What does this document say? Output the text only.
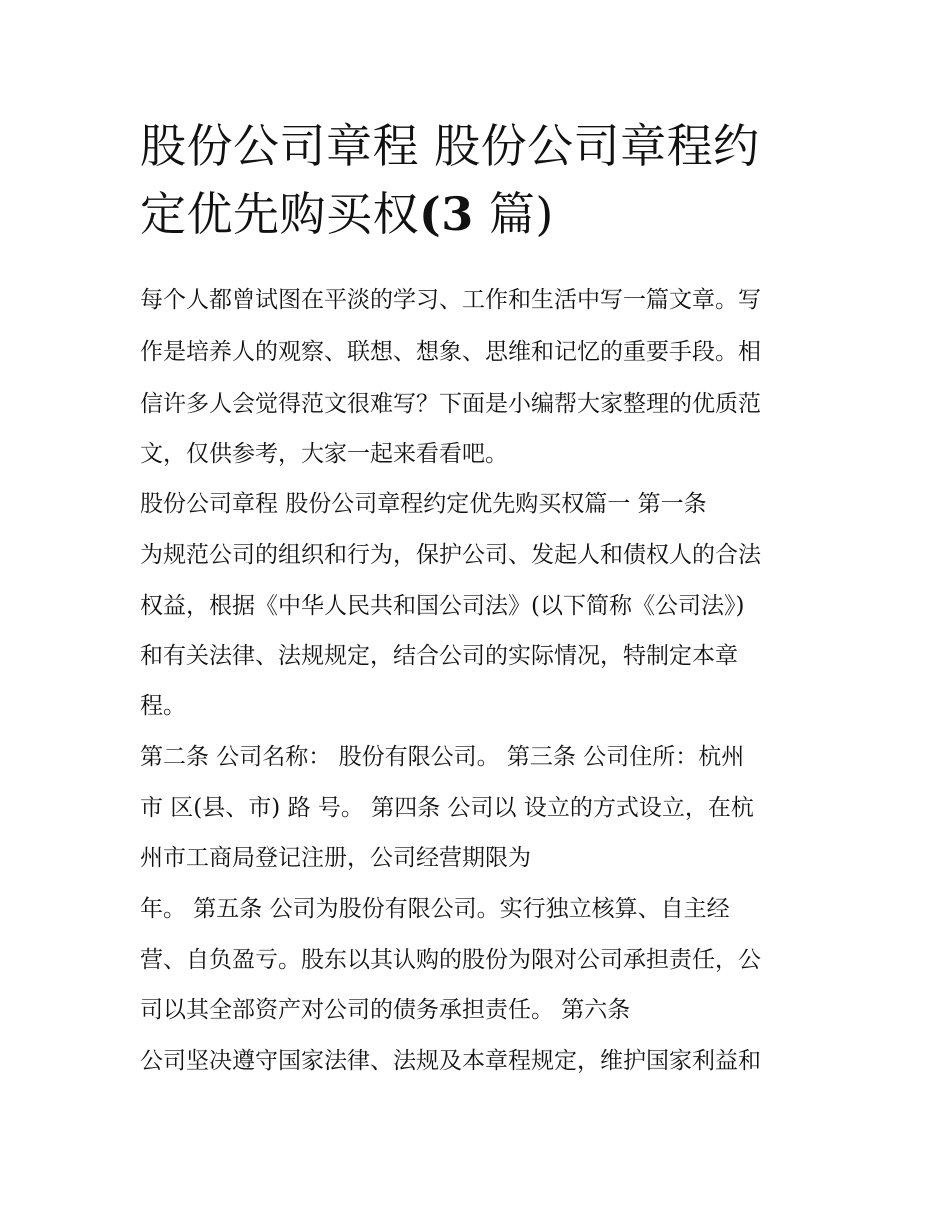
股份公司章程 股份公司章程约
定优先购买权(3 篇)

每个人都曾试图在平淡的学习、工作和生活中写一篇文章。写

作是培养人的观察、联想、想象、思维和记忆的重要手段。相

信许多人会觉得范文很难写？下面是小编帮大家整理的优质范

文，仅供参考，大家一起来看看吧。

股份公司章程 股份公司章程约定优先购买权篇一 第一条

为规范公司的组织和行为，保护公司、发起人和债权人的合法

权益，根据《中华人民共和国公司法》(以下简称《公司法》)

和有关法律、法规规定，结合公司的实际情况，特制定本章

程。

第二条 公司名称： 股份有限公司。 第三条 公司住所：杭州

市 区(县、市) 路 号。 第四条 公司以 设立的方式设立，在杭

州市工商局登记注册，公司经营期限为

年。 第五条 公司为股份有限公司。实行独立核算、自主经

营、自负盈亏。股东以其认购的股份为限对公司承担责任，公

司以其全部资产对公司的债务承担责任。 第六条

公司坚决遵守国家法律、法规及本章程规定，维护国家利益和
